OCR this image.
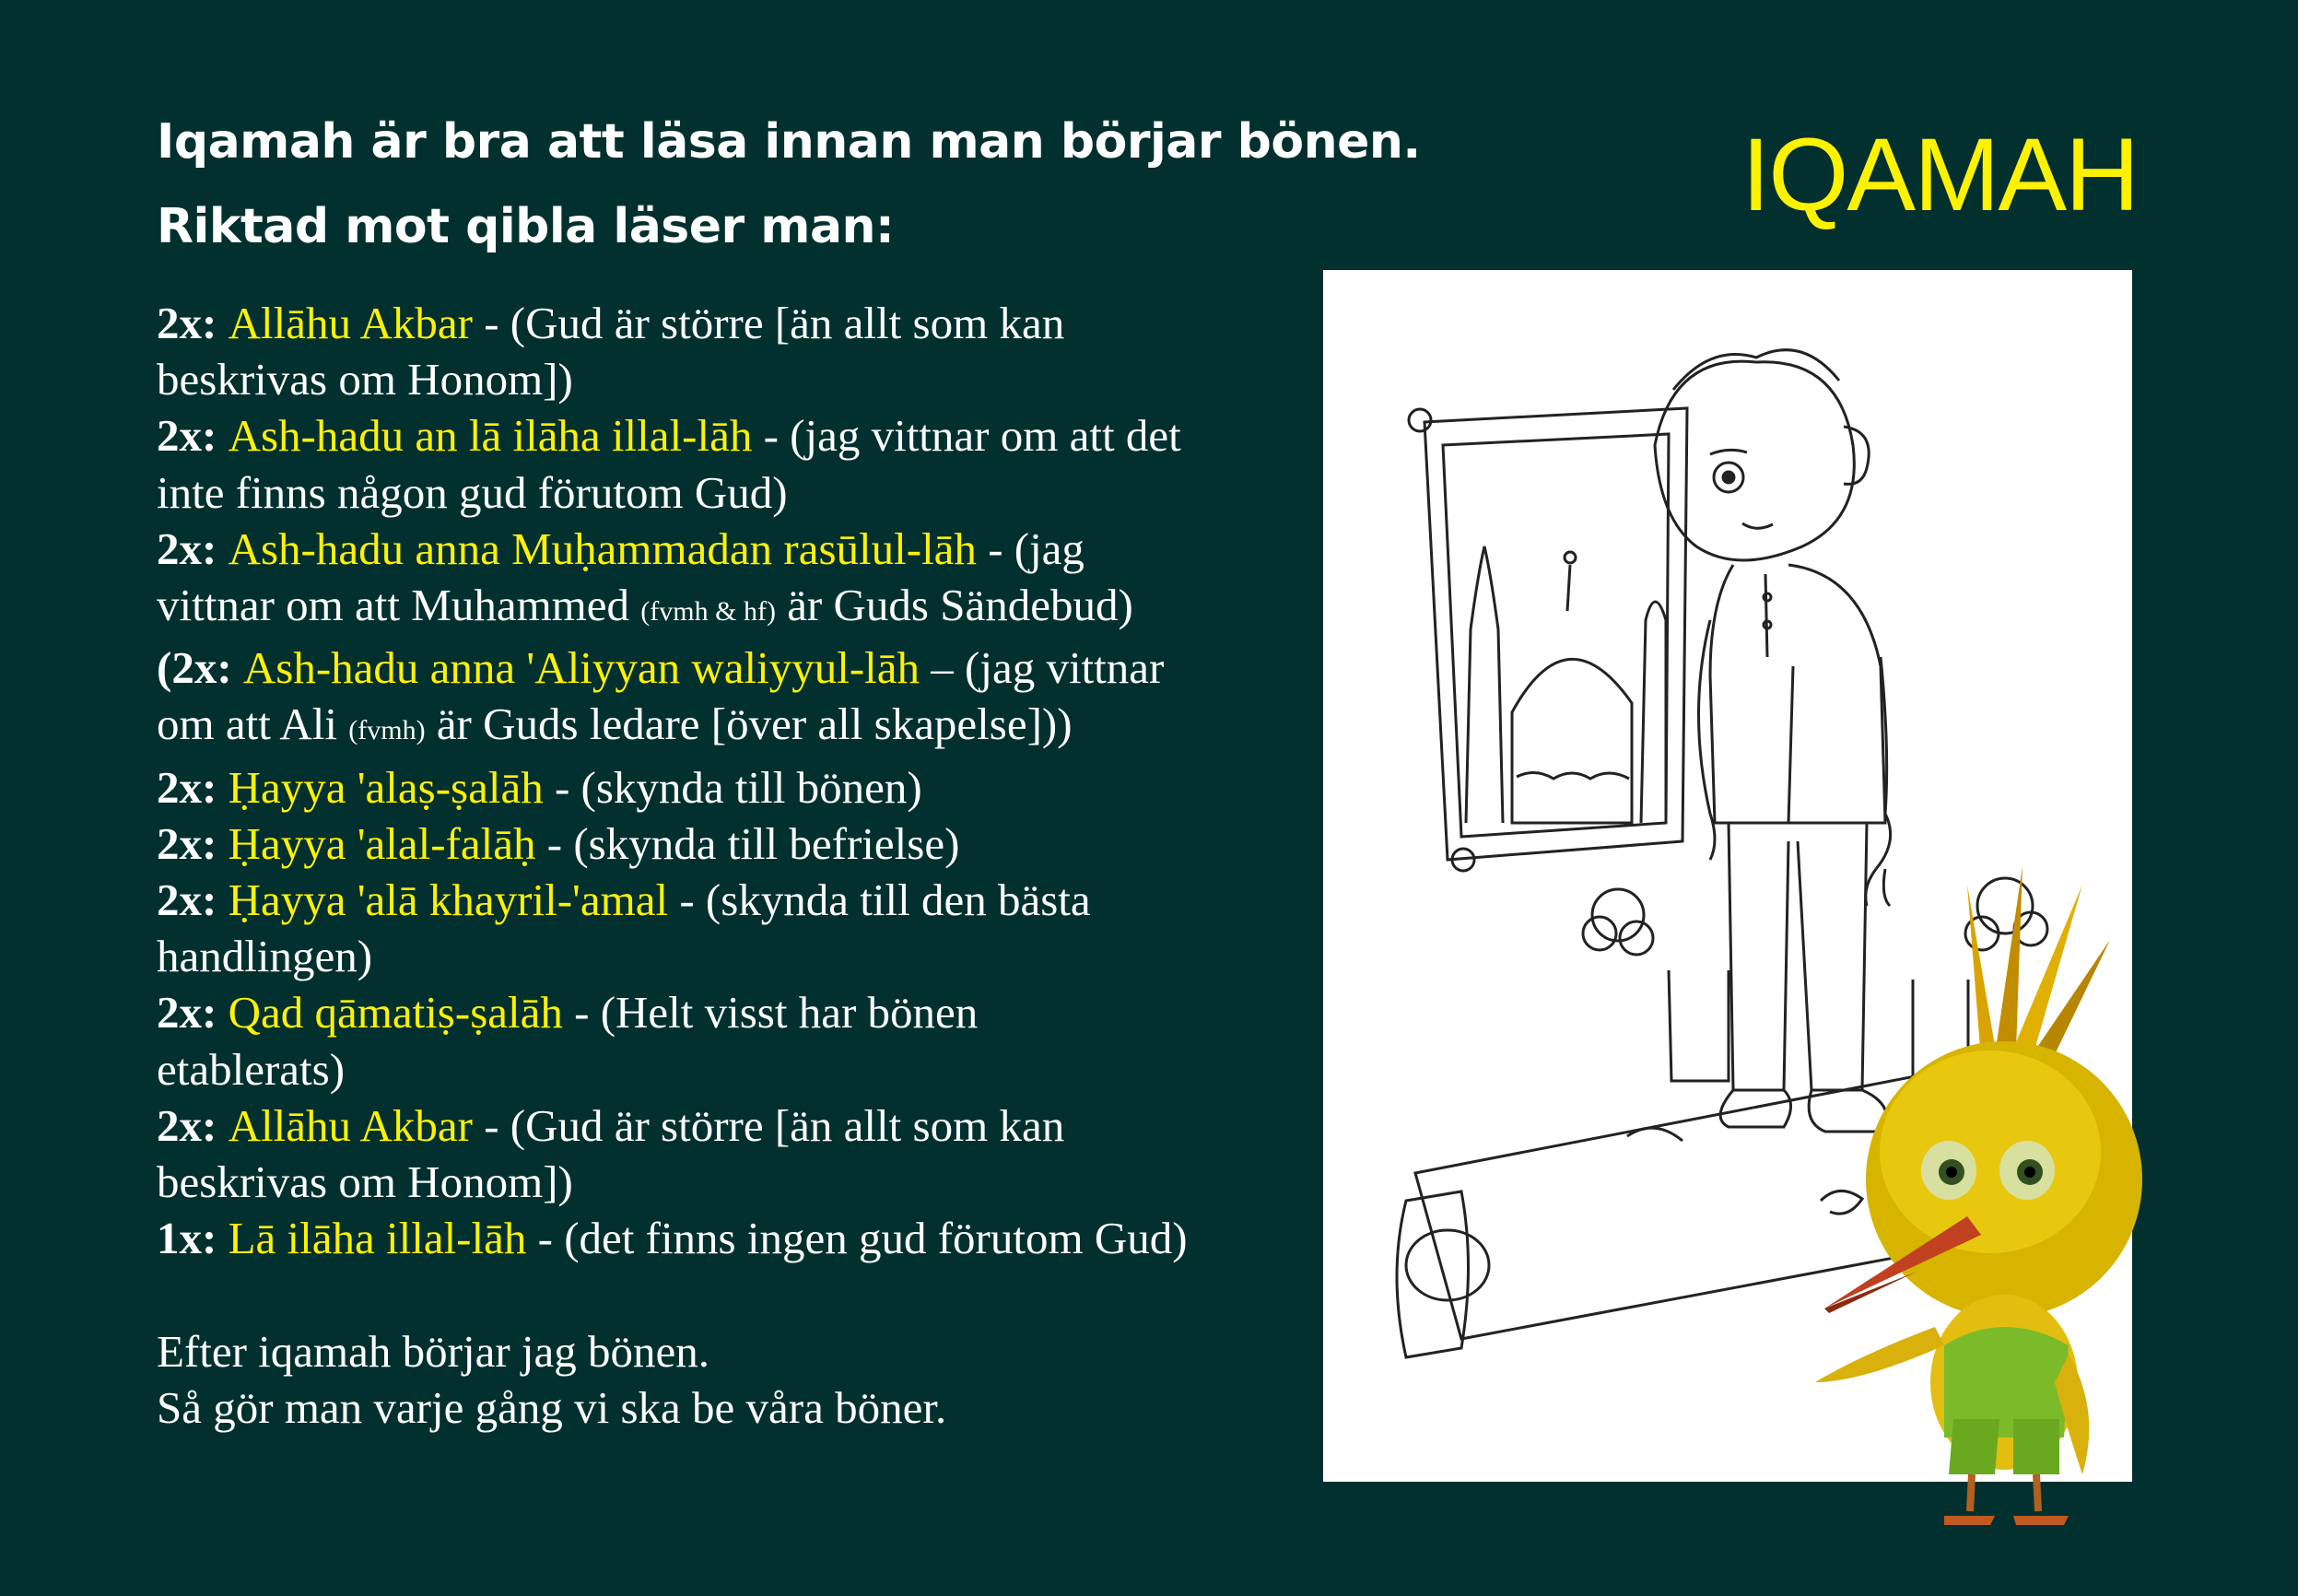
Iqamah är bra att läsa innan man börjar bönen.
Riktad mot qibla läser man:	IQAMAH
2x: Allāhu Akbar - (Gud är större [än allt som kan
beskrivas om Honom])
2x: Ash-hadu an lā ilāha illal-lāh - (jag vittnar om att det
inte finns någon gud förutom Gud)
2x: Ash-hadu anna Muḥammadan rasūlul-lāh - (jag
vittnar om att Muhammed (fvmh & hf) är Guds Sändebud)
(2x: Ash-hadu anna 'Aliyyan waliyyul-lāh – (jag vittnar
om att Ali (fvmh) är Guds ledare [över all skapelse]))
2x: Ḥayya 'alaṣ-ṣalāh - (skynda till bönen)
2x: Ḥayya 'alal-falāḥ - (skynda till befrielse)
2x: Ḥayya 'alā khayril-'amal - (skynda till den bästa
handlingen)
2x: Qad qāmatiṣ-ṣalāh - (Helt visst har bönen
etablerats)
2x: Allāhu Akbar - (Gud är större [än allt som kan
beskrivas om Honom])
1x: Lā ilāha illal-lāh - (det finns ingen gud förutom Gud)
Efter iqamah börjar jag bönen.
Så gör man varje gång vi ska be våra böner.
